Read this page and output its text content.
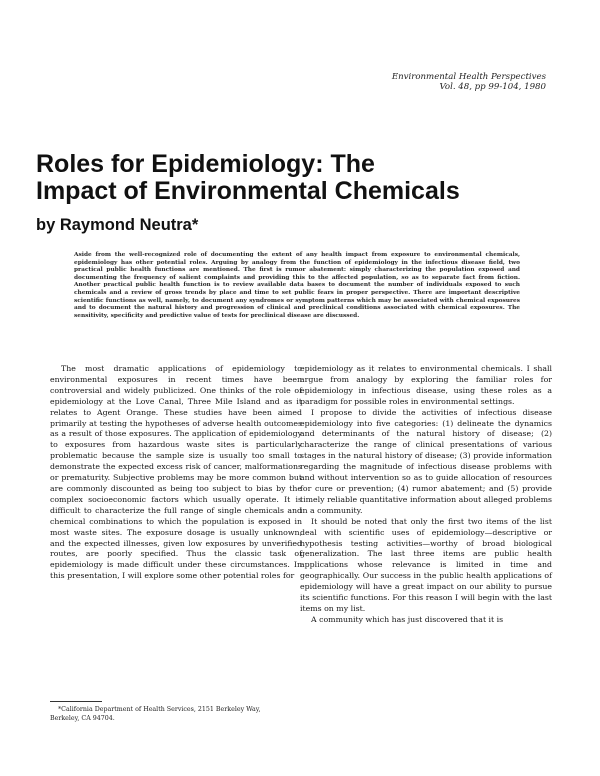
Environmental Health Perspectives
Vol. 48, pp 99-104, 1980
Roles for Epidemiology: The
Impact of Environmental Chemicals
by Raymond Neutra*

Aside from the well-recognized role of documenting the extent of any health impact from exposure to environmental chemicals, epidemiology has other potential roles. Arguing by analogy from the function of epidemiology in the infectious disease field, two practical public health functions are mentioned. The first is rumor abatement: simply characterizing the population exposed and documenting the frequency of salient complaints and providing this to the affected population, so as to separate fact from fiction. Another practical public health function is to review available data bases to document the number of individuals exposed to such chemicals and a review of gross trends by place and time to set public fears in proper perspective. There are important descriptive scientific functions as well, namely, to document any syndromes or symptom patterns which may be associated with chemical exposures and to document the natural history and progression of clinical and preclinical conditions associated with chemical exposures. The sensitivity, specificity and predictive value of tests for preclinical disease are discussed.

The most dramatic applications of epidemiology to environmental exposures in recent times have been controversial and widely publicized. One thinks of the role of epidemiology at the Love Canal, Three Mile Island and as it relates to Agent Orange. These studies have been aimed primarily at testing the hypotheses of adverse health outcomes as a result of those exposures. The application of epidemiology to exposures from hazardous waste sites is particularly problematic because the sample size is usually too small to demonstrate the expected excess risk of cancer, malformations or prematurity. Subjective problems may be more common but are commonly discounted as being too subject to bias by the complex socioeconomic factors which usually operate. It is difficult to characterize the full range of single chemicals and chemical combinations to which the population is exposed in most waste sites. The exposure dosage is usually unknown, and the expected illnesses, given low exposures by unverified routes, are poorly specified. Thus the classic task of epidemiology is made difficult under these circumstances. In this presentation, I will explore some other potential roles for

epidemiology as it relates to environmental chemicals. I shall argue from analogy by exploring the familiar roles for epidemiology in infectious disease, using these roles as a paradigm for possible roles in environmental settings.

I propose to divide the activities of infectious disease epidemiology into five categories: (1) delineate the dynamics and determinants of the natural history of disease; (2) characterize the range of clinical presentations of various stages in the natural history of disease; (3) provide information regarding the magnitude of infectious disease problems with and without intervention so as to guide allocation of resources for cure or prevention; (4) rumor abatement; and (5) provide timely reliable quantitative information about alleged problems in a community.

It should be noted that only the first two items of the list deal with scientific uses of epidemiology—descriptive or hypothesis testing activities—worthy of broad biological generalization. The last three items are public health applications whose relevance is limited in time and geographically. Our success in the public health applications of epidemiology will have a great impact on our ability to pursue its scientific functions. For this reason I will begin with the last items on my list.

A community which has just discovered that it is

*California Department of Health Services, 2151 Berkeley Way, Berkeley, CA 94704.
